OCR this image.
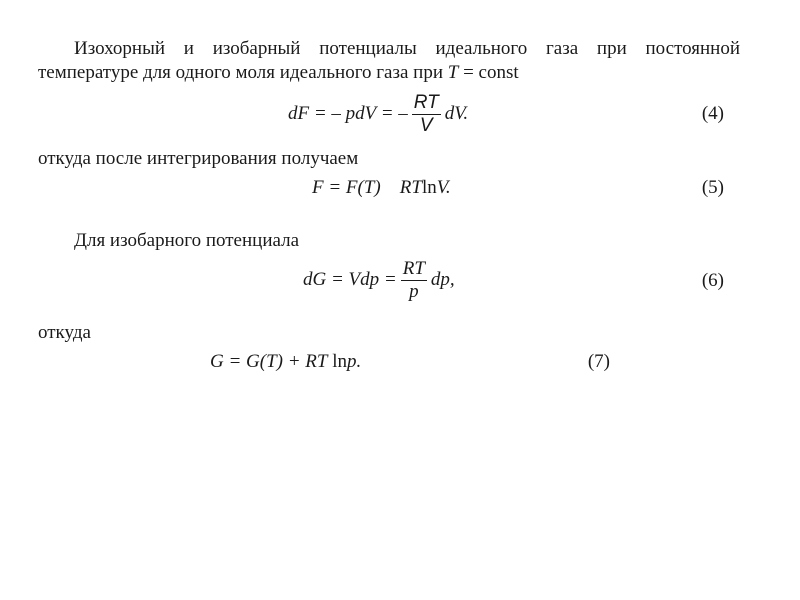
Изохорный и изобарный потенциалы идеального газа при постоянной
температуре для одного моля идеального газа при T = const
dF = – pdV = – $\frac{RT}{V}$ dV.	(4)
откуда после интегрирования получаем
F = F(T) RTlnV.	(5)
Для изобарного потенциала
dG = Vdp = $\frac{RT}{p}$ dp,	(6)
откуда
G = G(T) + RT lnp.	(7)
